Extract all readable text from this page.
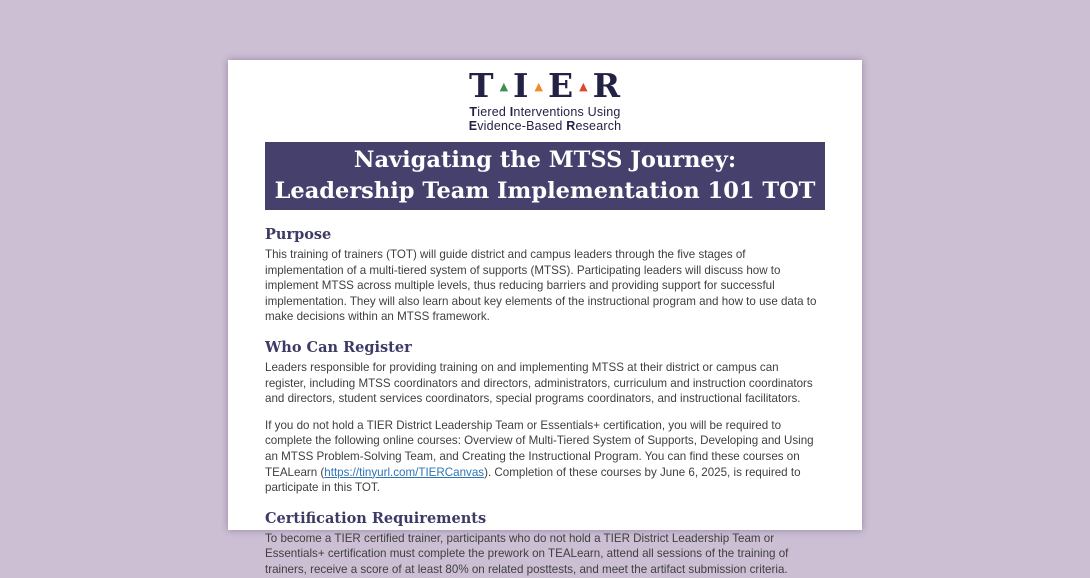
T ▲ I ▲ E ▲ R
Tiered Interventions Using
Evidence-Based Research
Navigating the MTSS Journey:
Leadership Team Implementation 101 TOT
Purpose

This training of trainers (TOT) will guide district and campus leaders through the five stages of implementation of a multi-tiered system of supports (MTSS). Participating leaders will discuss how to implement MTSS across multiple levels, thus reducing barriers and providing support for successful implementation. They will also learn about key elements of the instructional program and how to use data to make decisions within an MTSS framework.

Who Can Register

Leaders responsible for providing training on and implementing MTSS at their district or campus can register, including MTSS coordinators and directors, administrators, curriculum and instruction coordinators and directors, student services coordinators, special programs coordinators, and instructional facilitators.

If you do not hold a TIER District Leadership Team or Essentials+ certification, you will be required to complete the following online courses: Overview of Multi-Tiered System of Supports, Developing and Using an MTSS Problem-Solving Team, and Creating the Instructional Program. You can find these courses on TEALearn (https://tinyurl.com/TIERCanvas). Completion of these courses by June 6, 2025, is required to participate in this TOT.

Certification Requirements

To become a TIER certified trainer, participants who do not hold a TIER District Leadership Team or Essentials+ certification must complete the prework on TEALearn, attend all sessions of the training of trainers, receive a score of at least 80% on related posttests, and meet the artifact submission criteria.
